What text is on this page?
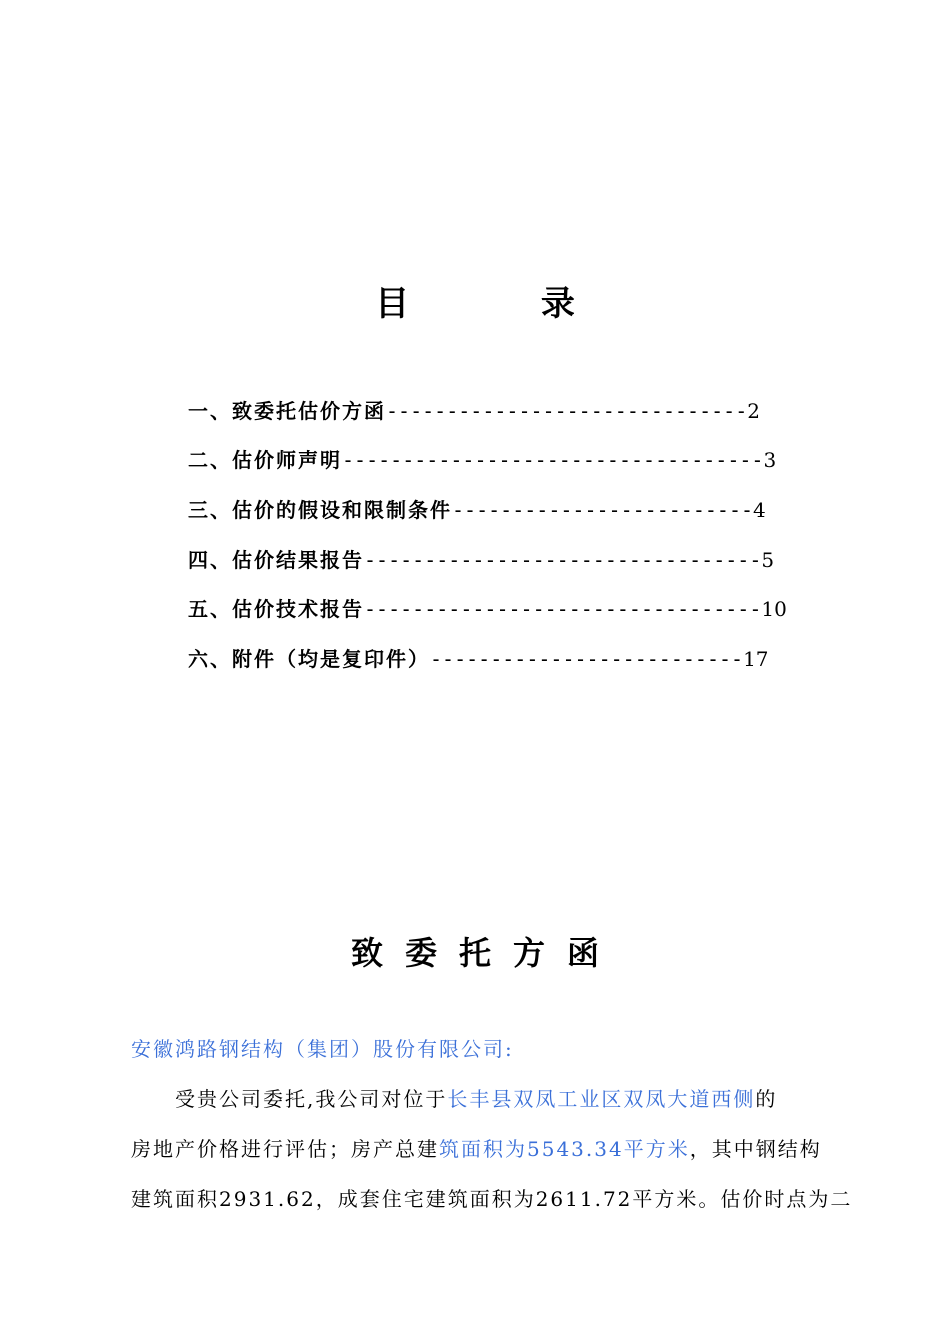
目 录
一、致委托估价方函 ------------------------------ 2
二、估价师声明 ----------------------------------- 3
三、估价的假设和限制条件 ------------------------- 4
四、估价结果报告 --------------------------------- 5
五、估价技术报告 --------------------------------- 10
六、附件（均是复印件） -------------------------- 17
致委托方函
安徽鸿路钢结构（集团）股份有限公司:
受贵公司委托,我公司对位于长丰县双凤工业区双凤大道西侧的
房地产价格进行评估；房产总建筑面积为5543.34平方米，其中钢结构
建筑面积2931.62，成套住宅建筑面积为2611.72平方米。估价时点为二
